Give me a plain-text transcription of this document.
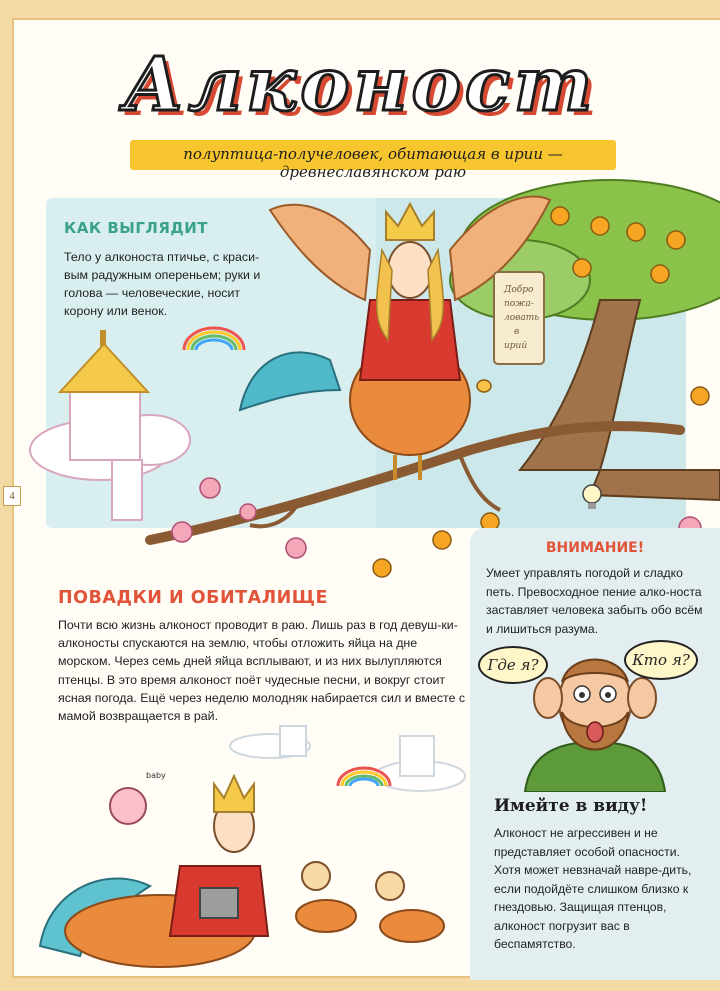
4
Добро
пожа-
ловать
в
ирий
Алконост
полуптица-получеловек, обитающая в ирии — древнеславянском раю
КАК ВЫГЛЯДИТ
Тело у алконоста птичье, с краси-вым радужным опереньем; руки и голова — человеческие, носит корону или венок.
ПОВАДКИ И ОБИТАЛИЩЕ
Почти всю жизнь алконост проводит в раю. Лишь раз в год девуш-ки-алконосты спускаются на землю, чтобы отложить яйца на дне морском. Через семь дней яйца всплывают, и из них вылупляются птенцы. В это время алконост поёт чудесные песни, и вокруг стоит ясная погода. Ещё через неделю молодняк набирается сил и вместе с мамой возвращается в рай.
ВНИМАНИЕ!
Умеет управлять погодой и сладко петь. Превосходное пение алко-носта заставляет человека забыть обо всём и лишиться разума.
Где я?	Кто я?
Имейте в виду!
Алконост не агрессивен и не представляет особой опасности. Хотя может невзначай навре-дить, если подойдёте слишком близко к гнездовью. Защищая птенцов, алконост погрузит вас в беспамятство.
baby
